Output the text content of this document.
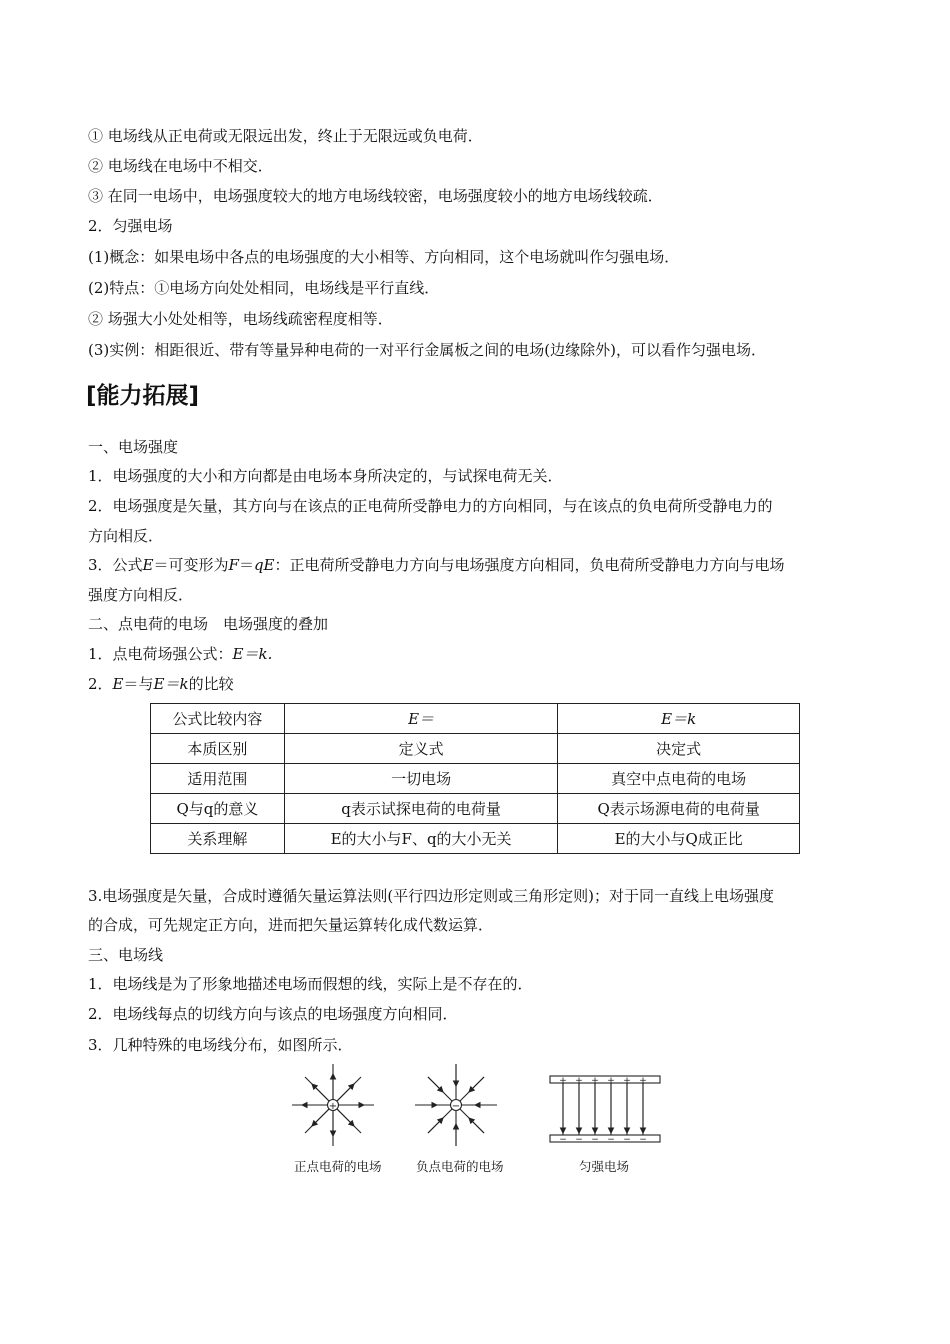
① 电场线从正电荷或无限远出发，终止于无限远或负电荷．
② 电场线在电场中不相交．
③ 在同一电场中，电场强度较大的地方电场线较密，电场强度较小的地方电场线较疏．
2．匀强电场
(1)概念：如果电场中各点的电场强度的大小相等、方向相同，这个电场就叫作匀强电场．
(2)特点：①电场方向处处相同，电场线是平行直线．
② 场强大小处处相等，电场线疏密程度相等．
(3)实例：相距很近、带有等量异种电荷的一对平行金属板之间的电场(边缘除外)，可以看作匀强电场．
[能力拓展]
一、电场强度
1．电场强度的大小和方向都是由电场本身所决定的，与试探电荷无关．
2．电场强度是矢量，其方向与在该点的正电荷所受静电力的方向相同，与在该点的负电荷所受静电力的
方向相反．
3．公式E＝可变形为F＝qE：正电荷所受静电力方向与电场强度方向相同，负电荷所受静电力方向与电场
强度方向相反．
二、点电荷的电场　电场强度的叠加
1．点电荷场强公式：E＝k.
2．E＝与E＝k的比较
公式比较内容	E＝	E＝k
本质区别	定义式	决定式
适用范围	一切电场	真空中点电荷的电场
Q与q的意义	q表示试探电荷的电荷量	Q表示场源电荷的电荷量
关系理解	E的大小与F、q的大小无关	E的大小与Q成正比
3.电场强度是矢量，合成时遵循矢量运算法则(平行四边形定则或三角形定则)；对于同一直线上电场强度
的合成，可先规定正方向，进而把矢量运算转化成代数运算．
三、电场线
1．电场线是为了形象地描述电场而假想的线，实际上是不存在的．
2．电场线每点的切线方向与该点的电场强度方向相同．
3．几种特殊的电场线分布，如图所示．
+	−
+ + + + + +
− − − − − −
正点电荷的电场	负点电荷的电场	匀强电场
